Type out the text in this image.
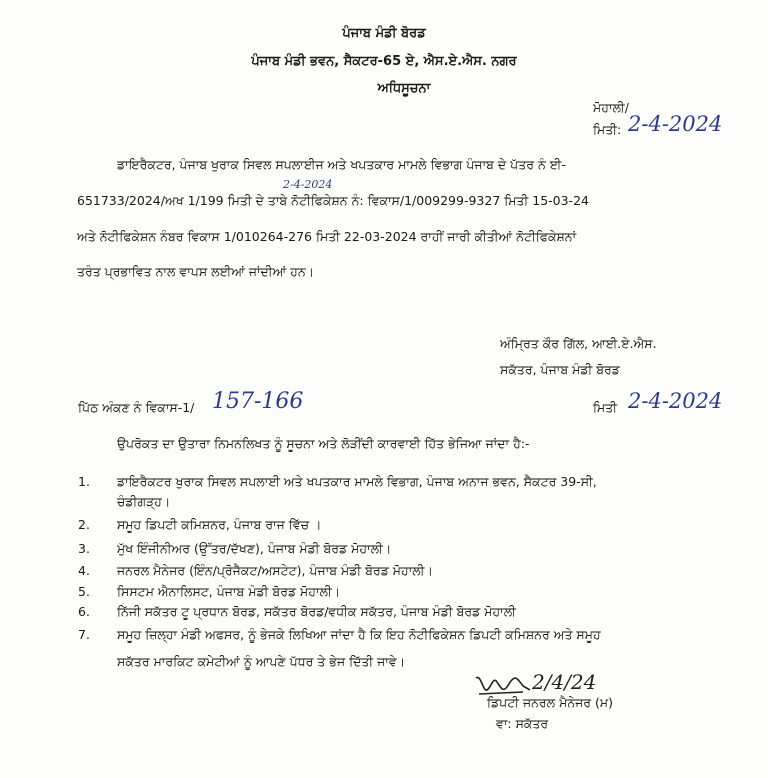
ਪੰਜਾਬ ਮੰਡੀ ਬੋਰਡ
ਪੰਜਾਬ ਮੰਡੀ ਭਵਨ, ਸੈਕਟਰ-65 ਏ, ਐਸ.ਏ.ਐਸ. ਨਗਰ
ਅਧਿਸੂਚਨਾ
ਮੋਹਾਲੀ/
ਮਿਤੀ: 2-4-2024
ਡਾਇਰੈਕਟਰ, ਪੰਜਾਬ ਖੁਰਾਕ ਸਿਵਲ ਸਪਲਾਈਜ ਅਤੇ ਖਪਤਕਾਰ ਮਾਮਲੇ ਵਿਭਾਗ ਪੰਜਾਬ ਦੇ ਪੱਤਰ ਨੰ ਈ-
2-4-2024
651733/2024/ਅਖ 1/199 ਮਿਤੀ ਦੇ ਤਾਬੇ ਨੋਟੀਫਿਕੇਸ਼ਨ ਨੰ: ਵਿਕਾਸ/1/009299-9327 ਮਿਤੀ 15-03-24
ਅਤੇ ਨੋਟੀਫਿਕੇਸ਼ਨ ਨੰਬਰ ਵਿਕਾਸ 1/010264-276 ਮਿਤੀ 22-03-2024 ਰਾਹੀਂ ਜਾਰੀ ਕੀਤੀਆਂ ਨੋਟੀਫਿਕੇਸ਼ਨਾਂ
ਤਰੰਤ ਪ੍ਰਭਾਵਿਤ ਨਾਲ ਵਾਪਸ ਲਈਆਂ ਜਾਂਦੀਆਂ ਹਨ।
ਅੰਮ੍ਰਿਤ ਕੌਰ ਗਿੱਲ, ਆਈ.ਏ.ਐਸ.
ਸਕੱਤਰ, ਪੰਜਾਬ ਮੰਡੀ ਬੋਰਡ
ਪਿੱਠ ਅੰਕਣ ਨੰ ਵਿਕਾਸ-1/ 157-166	ਮਿਤੀ 2-4-2024
ਉਪਰੋਕਤ ਦਾ ਉਤਾਰਾ ਨਿਮਨਲਿਖਤ ਨੂੰ ਸੂਚਨਾ ਅਤੇ ਲੋੜੀਂਦੀ ਕਾਰਵਾਈ ਹਿੱਤ ਭੇਜਿਆ ਜਾਂਦਾ ਹੈ:-
1.	ਡਾਇਰੈਕਟਰ ਖੁਰਾਕ ਸਿਵਲ ਸਪਲਾਈ ਅਤੇ ਖਪਤਕਾਰ ਮਾਮਲੇ ਵਿਭਾਗ, ਪੰਜਾਬ ਅਨਾਜ ਭਵਨ, ਸੈਕਟਰ 39-ਸੀ,
ਚੰਡੀਗੜ੍ਹ।
2.	ਸਮੂਹ ਡਿਪਟੀ ਕਮਿਸ਼ਨਰ, ਪੰਜਾਬ ਰਾਜ ਵਿੱਚ ।
3.	ਮੁੱਖ ਇੰਜੀਨੀਅਰ (ਉੱਤਰ/ਦੱਖਣ), ਪੰਜਾਬ ਮੰਡੀ ਬੋਰਡ ਮੋਹਾਲੀ।
4.	ਜਨਰਲ ਮੈਨੇਜਰ (ਇੰਨ/ਪ੍ਰੋਜੈਕਟ/ਅਸਟੇਟ), ਪੰਜਾਬ ਮੰਡੀ ਬੋਰਡ ਮੋਹਾਲੀ।
5.	ਸਿਸਟਮ ਐਨਾਲਿਸਟ, ਪੰਜਾਬ ਮੰਡੀ ਬੋਰਡ ਮੋਹਾਲੀ।
6.	ਨਿੱਜੀ ਸਕੱਤਰ ਟੂ ਪ੍ਰਧਾਨ ਬੋਰਡ, ਸਕੱਤਰ ਬੋਰਡ/ਵਧੀਕ ਸਕੱਤਰ, ਪੰਜਾਬ ਮੰਡੀ ਬੋਰਡ ਮੋਹਾਲੀ
7.	ਸਮੂਹ ਜ਼ਿਲ੍ਹਾ ਮੰਡੀ ਅਫਸਰ, ਨੂੰ ਭੇਜਕੇ ਲਿਖਿਆ ਜਾਂਦਾ ਹੈ ਕਿ ਇਹ ਨੋਟੀਫਿਕੇਸ਼ਨ ਡਿਪਟੀ ਕਮਿਸ਼ਨਰ ਅਤੇ ਸਮੂਹ
ਸਕੱਤਰ ਮਾਰਕਿਟ ਕਮੇਟੀਆਂ ਨੂੰ ਆਪਣੇ ਪੱਧਰ ਤੇ ਭੇਜ ਦਿੱਤੀ ਜਾਵੇ।
2/4/24
ਡਿਪਟੀ ਜਨਰਲ ਮੈਨੇਜਰ (ਮ)
ਵਾ: ਸਕੱਤਰ
